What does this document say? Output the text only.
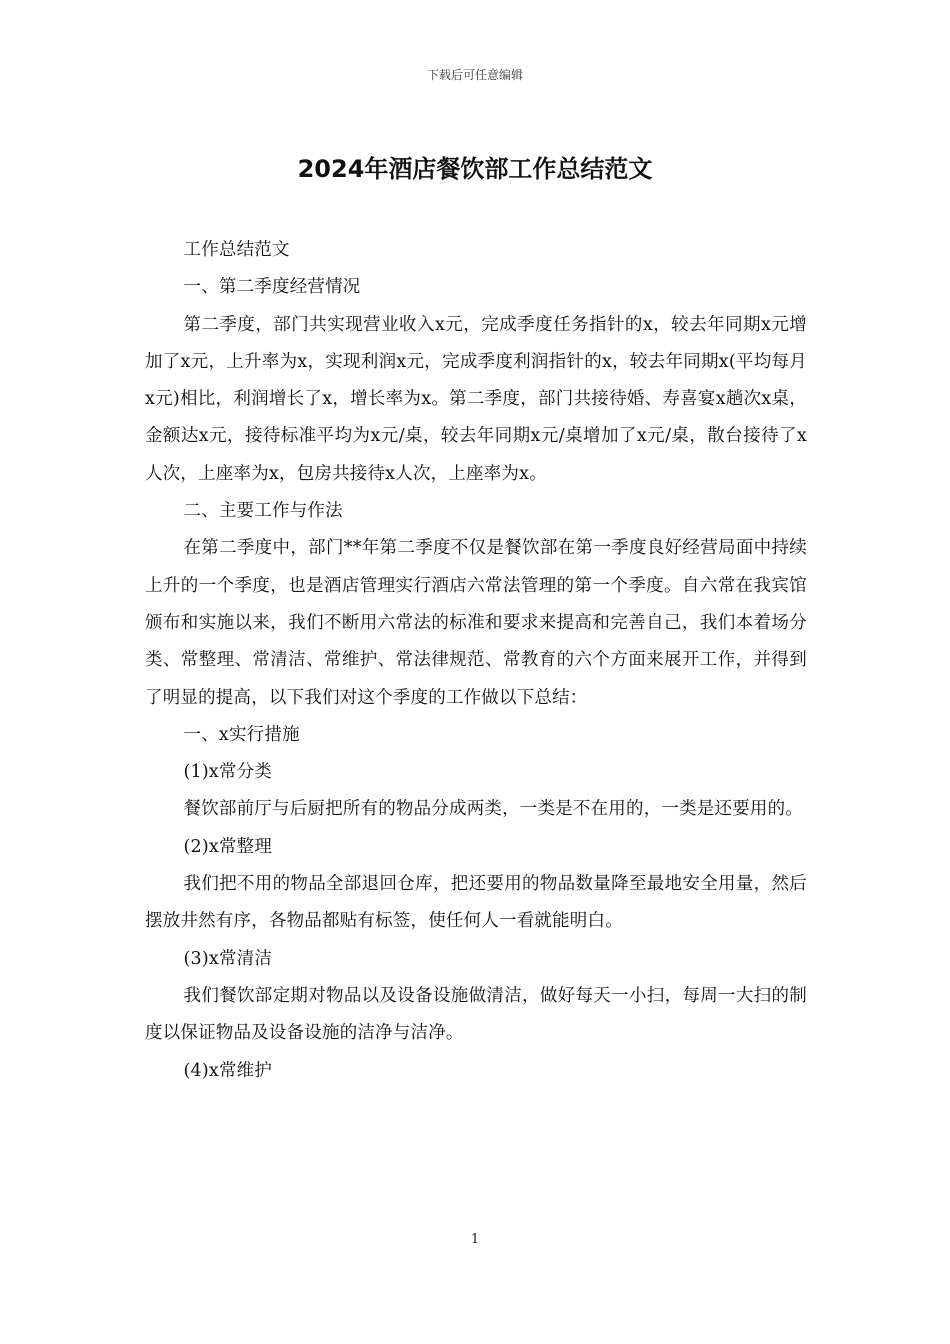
下载后可任意编辑
2024年酒店餐饮部工作总结范文

工作总结范文

一、第二季度经营情况

第二季度，部门共实现营业收入x元，完成季度任务指针的x，较去年同期x元增加了x元，上升率为x，实现利润x元，完成季度利润指针的x，较去年同期x(平均每月x元)相比，利润增长了x，增长率为x。第二季度，部门共接待婚、寿喜宴x趟次x桌，金额达x元，接待标准平均为x元/桌，较去年同期x元/桌增加了x元/桌，散台接待了x人次，上座率为x，包房共接待x人次，上座率为x。

二、主要工作与作法

在第二季度中，部门**年第二季度不仅是餐饮部在第一季度良好经营局面中持续上升的一个季度，也是酒店管理实行酒店六常法管理的第一个季度。自六常在我宾馆颁布和实施以来，我们不断用六常法的标准和要求来提高和完善自己，我们本着场分类、常整理、常清洁、常维护、常法律规范、常教育的六个方面来展开工作，并得到了明显的提高，以下我们对这个季度的工作做以下总结：

一、x实行措施

(1)x常分类

餐饮部前厅与后厨把所有的物品分成两类，一类是不在用的，一类是还要用的。

(2)x常整理

我们把不用的物品全部退回仓库，把还要用的物品数量降至最地安全用量，然后摆放井然有序，各物品都贴有标签，使任何人一看就能明白。

(3)x常清洁

我们餐饮部定期对物品以及设备设施做清洁，做好每天一小扫，每周一大扫的制度以保证物品及设备设施的洁净与洁净。

(4)x常维护

1
